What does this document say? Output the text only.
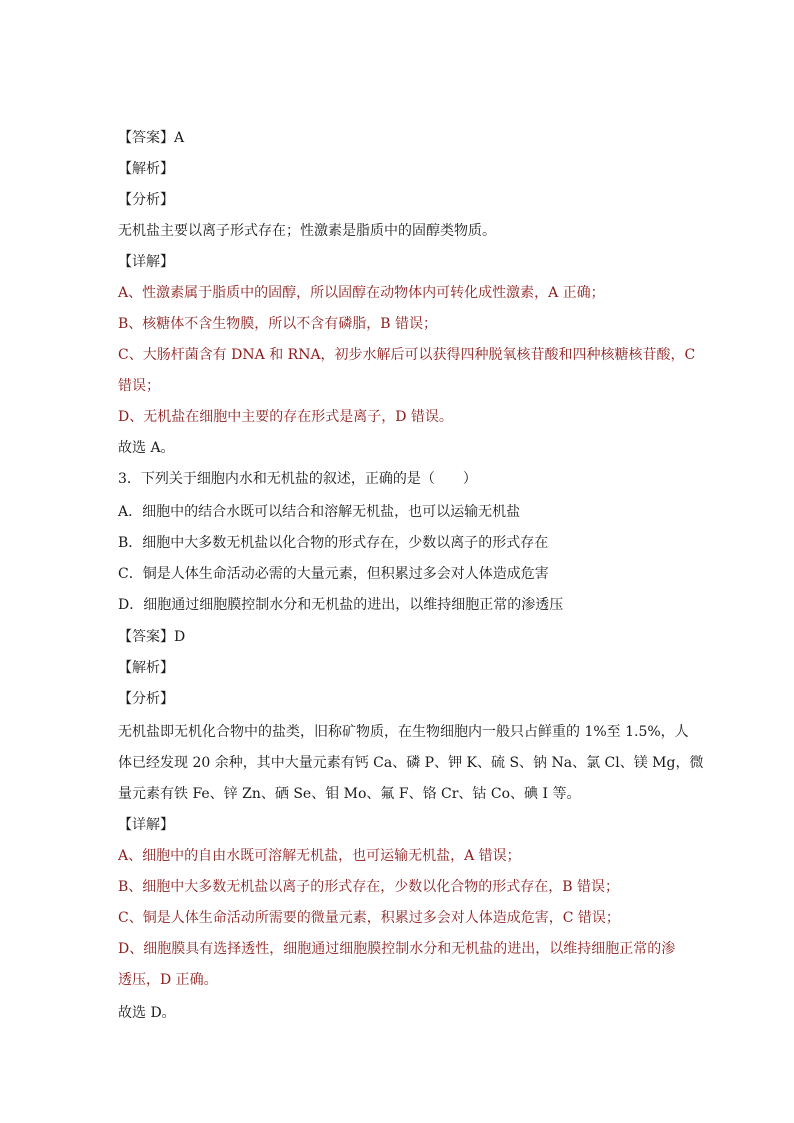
【答案】A
【解析】
【分析】
无机盐主要以离子形式存在；性激素是脂质中的固醇类物质。
【详解】
A、性激素属于脂质中的固醇，所以固醇在动物体内可转化成性激素，A 正确；
B、核糖体不含生物膜，所以不含有磷脂，B 错误；
C、大肠杆菌含有 DNA 和 RNA，初步水解后可以获得四种脱氧核苷酸和四种核糖核苷酸，C
错误；
D、无机盐在细胞中主要的存在形式是离子，D 错误。
故选 A。
3．下列关于细胞内水和无机盐的叙述，正确的是（　　）
A．细胞中的结合水既可以结合和溶解无机盐，也可以运输无机盐
B．细胞中大多数无机盐以化合物的形式存在，少数以离子的形式存在
C．铜是人体生命活动必需的大量元素，但积累过多会对人体造成危害
D．细胞通过细胞膜控制水分和无机盐的进出，以维持细胞正常的渗透压
【答案】D
【解析】
【分析】
无机盐即无机化合物中的盐类，旧称矿物质，在生物细胞内一般只占鲜重的 1%至 1.5%，人
体已经发现 20 余种，其中大量元素有钙 Ca、磷 P、钾 K、硫 S、钠 Na、氯 Cl、镁 Mg，微
量元素有铁 Fe、锌 Zn、硒 Se、钼 Mo、氟 F、铬 Cr、钴 Co、碘 I 等。
【详解】
A、细胞中的自由水既可溶解无机盐，也可运输无机盐，A 错误；
B、细胞中大多数无机盐以离子的形式存在，少数以化合物的形式存在，B 错误；
C、铜是人体生命活动所需要的微量元素，积累过多会对人体造成危害，C 错误；
D、细胞膜具有选择透性，细胞通过细胞膜控制水分和无机盐的进出，以维持细胞正常的渗
透压，D 正确。
故选 D。
